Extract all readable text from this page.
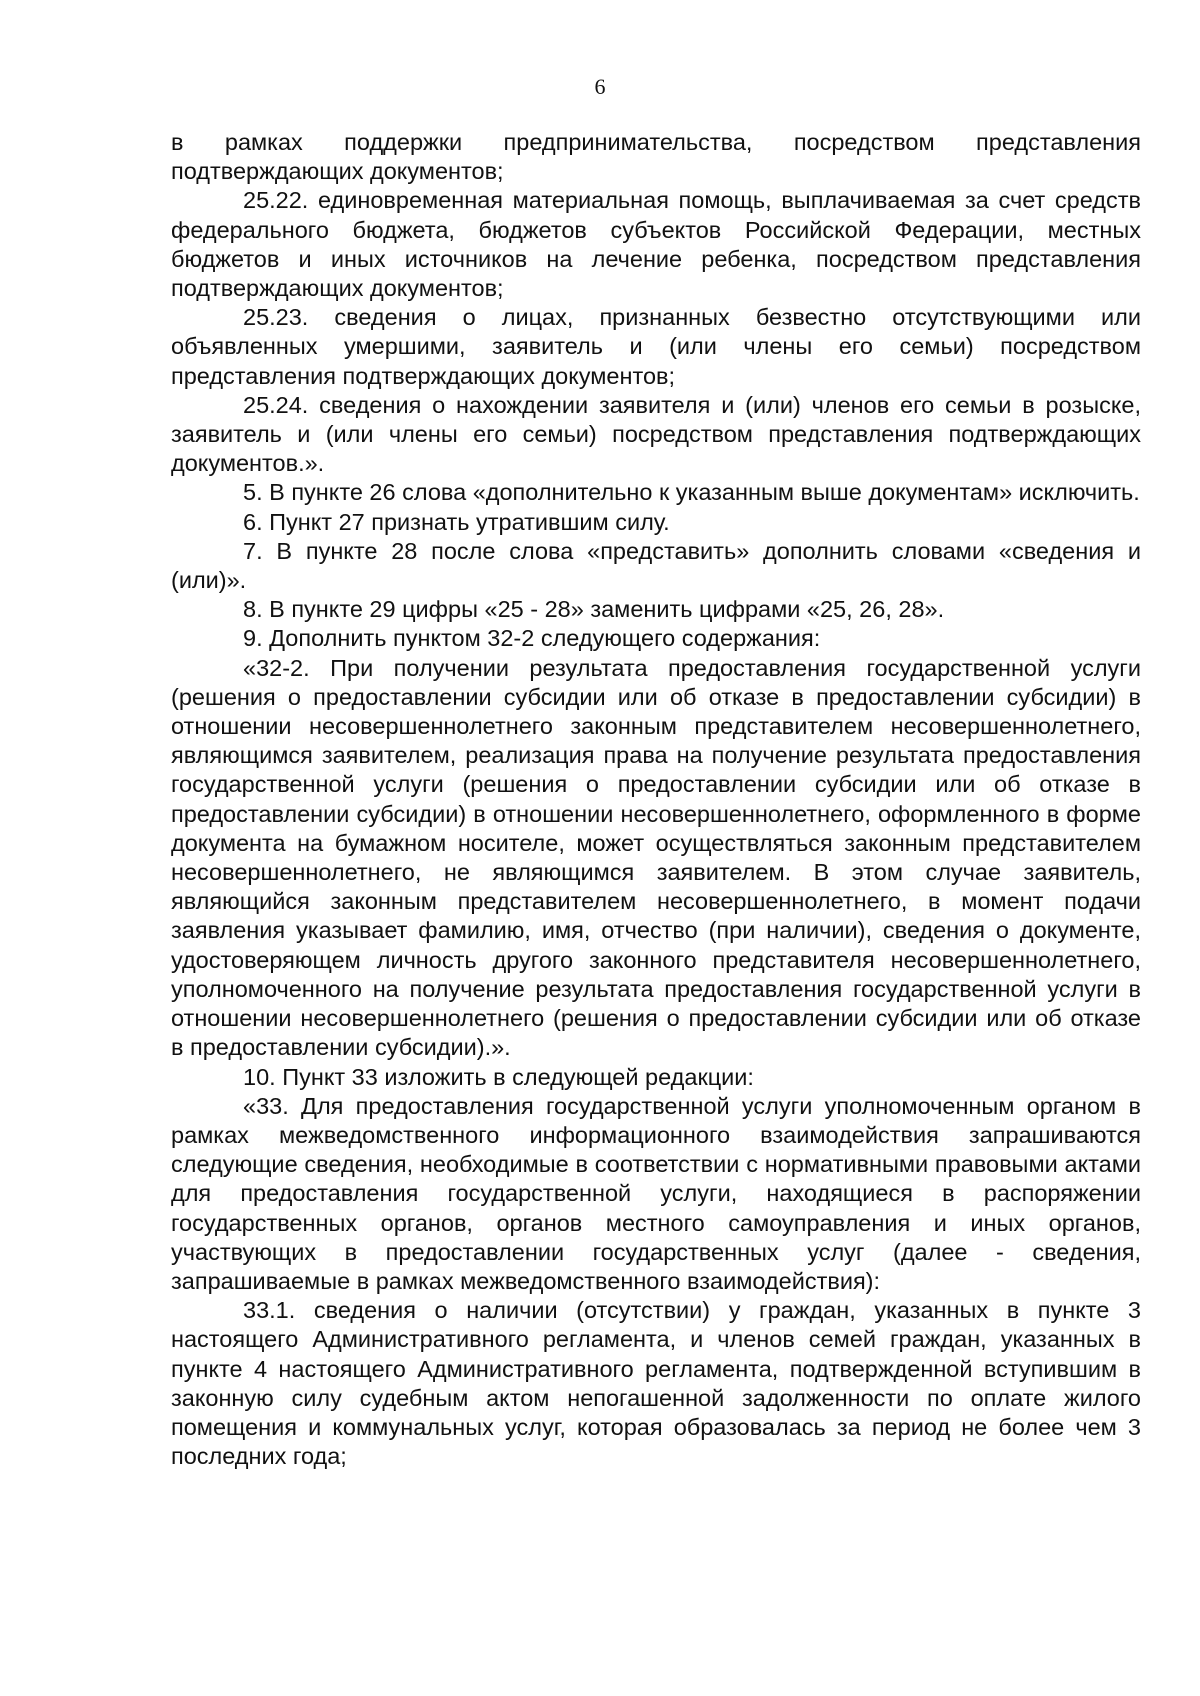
6

в рамках поддержки предпринимательства, посредством представления подтверждающих документов;

25.22. единовременная материальная помощь, выплачиваемая за счет средств федерального бюджета, бюджетов субъектов Российской Федерации, местных бюджетов и иных источников на лечение ребенка, посредством представления подтверждающих документов;

25.23. сведения о лицах, признанных безвестно отсутствующими или объявленных умершими, заявитель и (или члены его семьи) посредством представления подтверждающих документов;

25.24. сведения о нахождении заявителя и (или) членов его семьи в розыске, заявитель и (или члены его семьи) посредством представления подтверждающих документов.».

5. В пункте 26 слова «дополнительно к указанным выше документам» исключить.

6. Пункт 27 признать утратившим силу.

7. В пункте 28 после слова «представить» дополнить словами «сведения и (или)».

8. В пункте 29 цифры «25 - 28» заменить цифрами «25, 26, 28».

9. Дополнить пунктом 32-2 следующего содержания:

«32-2. При получении результата предоставления государственной услуги (решения о предоставлении субсидии или об отказе в предоставлении субсидии) в отношении несовершеннолетнего законным представителем несовершеннолетнего, являющимся заявителем, реализация права на получение результата предоставления государственной услуги (решения о предоставлении субсидии или об отказе в предоставлении субсидии) в отношении несовершеннолетнего, оформленного в форме документа на бумажном носителе, может осуществляться законным представителем несовершеннолетнего, не являющимся заявителем. В этом случае заявитель, являющийся законным представителем несовершеннолетнего, в момент подачи заявления указывает фамилию, имя, отчество (при наличии), сведения о документе, удостоверяющем личность другого законного представителя несовершеннолетнего, уполномоченного на получение результата предоставления государственной услуги в отношении несовершеннолетнего (решения о предоставлении субсидии или об отказе в предоставлении субсидии).».

10. Пункт 33 изложить в следующей редакции:

«33. Для предоставления государственной услуги уполномоченным органом в рамках межведомственного информационного взаимодействия запрашиваются следующие сведения, необходимые в соответствии с нормативными правовыми актами для предоставления государственной услуги, находящиеся в распоряжении государственных органов, органов местного самоуправления и иных органов, участвующих в предоставлении государственных услуг (далее - сведения, запрашиваемые в рамках межведомственного взаимодействия):

33.1. сведения о наличии (отсутствии) у граждан, указанных в пункте 3 настоящего Административного регламента, и членов семей граждан, указанных в пункте 4 настоящего Административного регламента, подтвержденной вступившим в законную силу судебным актом непогашенной задолженности по оплате жилого помещения и коммунальных услуг, которая образовалась за период не более чем 3 последних года;
